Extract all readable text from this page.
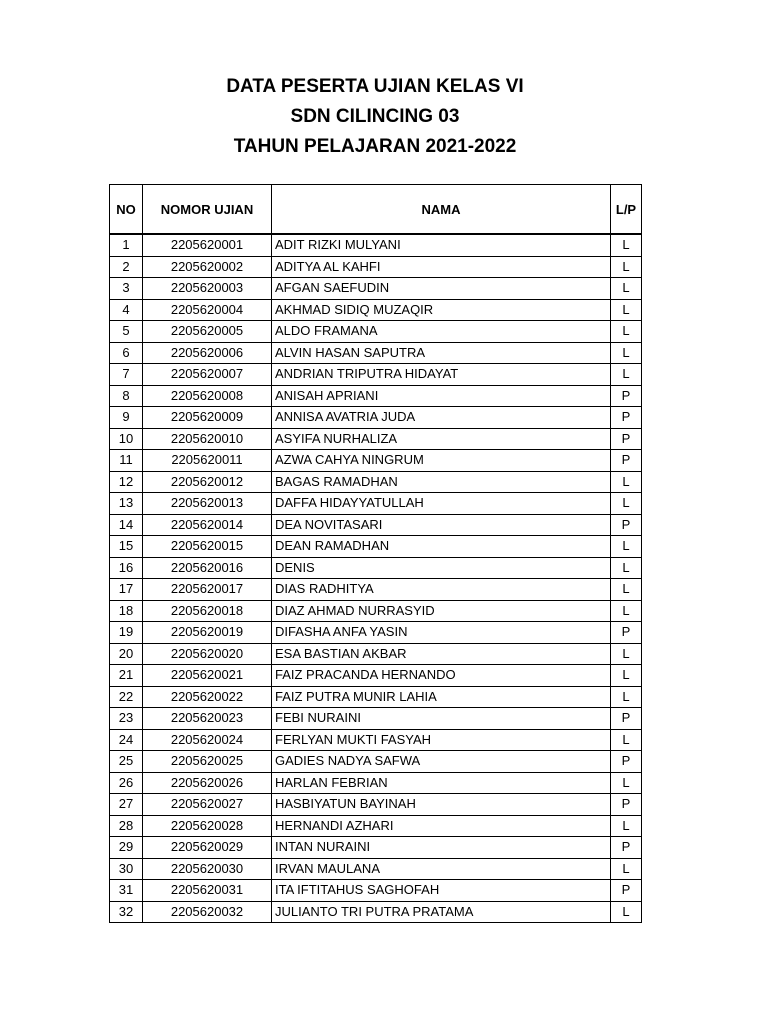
DATA PESERTA UJIAN KELAS VI
SDN CILINCING 03
TAHUN PELAJARAN 2021-2022
NO	NOMOR UJIAN	NAMA	L/P
1	2205620001	ADIT RIZKI MULYANI	L
2	2205620002	ADITYA AL KAHFI	L
3	2205620003	AFGAN SAEFUDIN	L
4	2205620004	AKHMAD SIDIQ MUZAQIR	L
5	2205620005	ALDO FRAMANA	L
6	2205620006	ALVIN HASAN SAPUTRA	L
7	2205620007	ANDRIAN TRIPUTRA HIDAYAT	L
8	2205620008	ANISAH APRIANI	P
9	2205620009	ANNISA AVATRIA JUDA	P
10	2205620010	ASYIFA NURHALIZA	P
11	2205620011	AZWA CAHYA NINGRUM	P
12	2205620012	BAGAS RAMADHAN	L
13	2205620013	DAFFA HIDAYYATULLAH	L
14	2205620014	DEA NOVITASARI	P
15	2205620015	DEAN RAMADHAN	L
16	2205620016	DENIS	L
17	2205620017	DIAS RADHITYA	L
18	2205620018	DIAZ AHMAD NURRASYID	L
19	2205620019	DIFASHA ANFA YASIN	P
20	2205620020	ESA BASTIAN AKBAR	L
21	2205620021	FAIZ PRACANDA HERNANDO	L
22	2205620022	FAIZ PUTRA MUNIR LAHIA	L
23	2205620023	FEBI NURAINI	P
24	2205620024	FERLYAN MUKTI FASYAH	L
25	2205620025	GADIES NADYA SAFWA	P
26	2205620026	HARLAN FEBRIAN	L
27	2205620027	HASBIYATUN BAYINAH	P
28	2205620028	HERNANDI AZHARI	L
29	2205620029	INTAN NURAINI	P
30	2205620030	IRVAN MAULANA	L
31	2205620031	ITA IFTITAHUS SAGHOFAH	P
32	2205620032	JULIANTO TRI PUTRA PRATAMA	L
